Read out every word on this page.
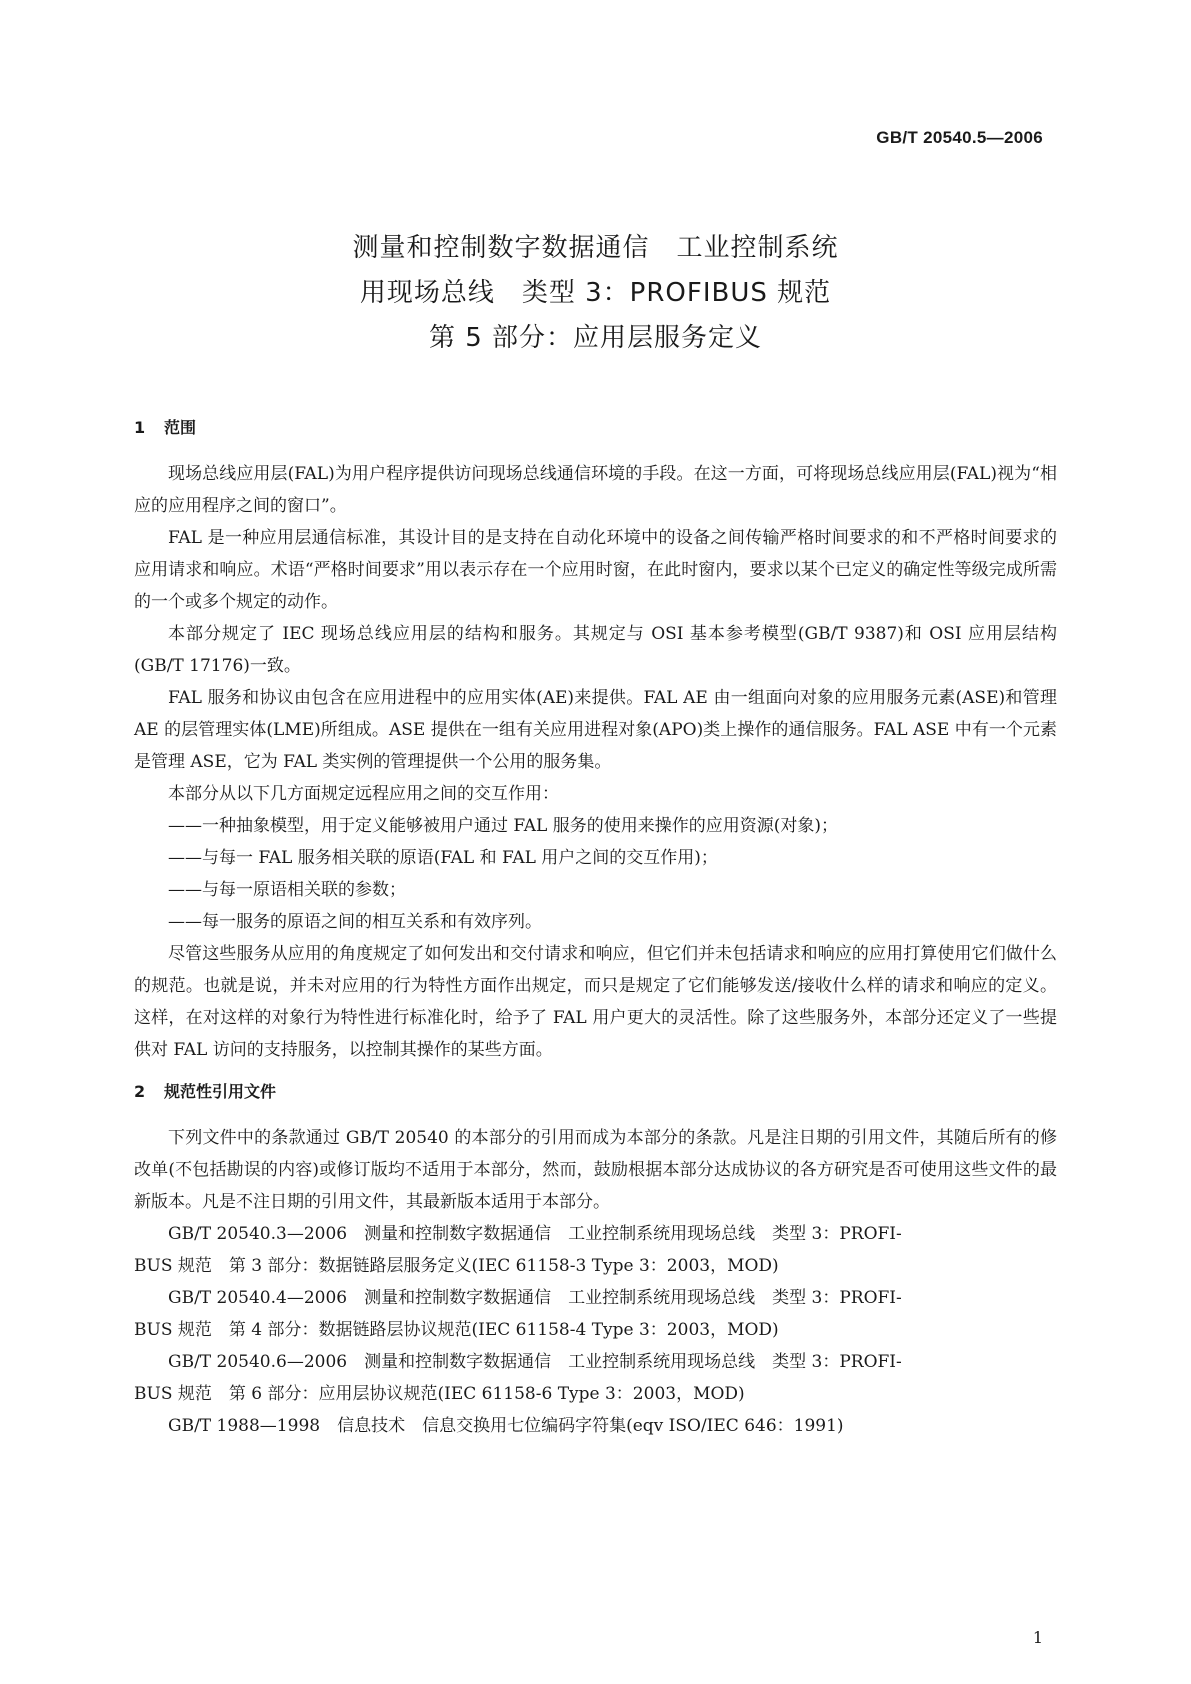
GB/T 20540.5—2006
测量和控制数字数据通信　工业控制系统
用现场总线　类型 3：PROFIBUS 规范
第 5 部分：应用层服务定义
1 范围

现场总线应用层(FAL)为用户程序提供访问现场总线通信环境的手段。在这一方面，可将现场总线应用层(FAL)视为“相应的应用程序之间的窗口”。

FAL 是一种应用层通信标准，其设计目的是支持在自动化环境中的设备之间传输严格时间要求的和不严格时间要求的应用请求和响应。术语“严格时间要求”用以表示存在一个应用时窗，在此时窗内，要求以某个已定义的确定性等级完成所需的一个或多个规定的动作。

本部分规定了 IEC 现场总线应用层的结构和服务。其规定与 OSI 基本参考模型(GB/T 9387)和 OSI 应用层结构(GB/T 17176)一致。

FAL 服务和协议由包含在应用进程中的应用实体(AE)来提供。FAL AE 由一组面向对象的应用服务元素(ASE)和管理 AE 的层管理实体(LME)所组成。ASE 提供在一组有关应用进程对象(APO)类上操作的通信服务。FAL ASE 中有一个元素是管理 ASE，它为 FAL 类实例的管理提供一个公用的服务集。

本部分从以下几方面规定远程应用之间的交互作用：

——一种抽象模型，用于定义能够被用户通过 FAL 服务的使用来操作的应用资源(对象)；

——与每一 FAL 服务相关联的原语(FAL 和 FAL 用户之间的交互作用)；

——与每一原语相关联的参数；

——每一服务的原语之间的相互关系和有效序列。

尽管这些服务从应用的角度规定了如何发出和交付请求和响应，但它们并未包括请求和响应的应用打算使用它们做什么的规范。也就是说，并未对应用的行为特性方面作出规定，而只是规定了它们能够发送/接收什么样的请求和响应的定义。这样，在对这样的对象行为特性进行标准化时，给予了 FAL 用户更大的灵活性。除了这些服务外，本部分还定义了一些提供对 FAL 访问的支持服务，以控制其操作的某些方面。

2 规范性引用文件

下列文件中的条款通过 GB/T 20540 的本部分的引用而成为本部分的条款。凡是注日期的引用文件，其随后所有的修改单(不包括勘误的内容)或修订版均不适用于本部分，然而，鼓励根据本部分达成协议的各方研究是否可使用这些文件的最新版本。凡是不注日期的引用文件，其最新版本适用于本部分。

GB/T 20540.3—2006　测量和控制数字数据通信　工业控制系统用现场总线　类型 3：PROFI-
BUS 规范　第 3 部分：数据链路层服务定义(IEC 61158-3 Type 3：2003，MOD)
GB/T 20540.4—2006　测量和控制数字数据通信　工业控制系统用现场总线　类型 3：PROFI-
BUS 规范　第 4 部分：数据链路层协议规范(IEC 61158-4 Type 3：2003，MOD)
GB/T 20540.6—2006　测量和控制数字数据通信　工业控制系统用现场总线　类型 3：PROFI-
BUS 规范　第 6 部分：应用层协议规范(IEC 61158-6 Type 3：2003，MOD)
GB/T 1988—1998　信息技术　信息交换用七位编码字符集(eqv ISO/IEC 646：1991)
1
